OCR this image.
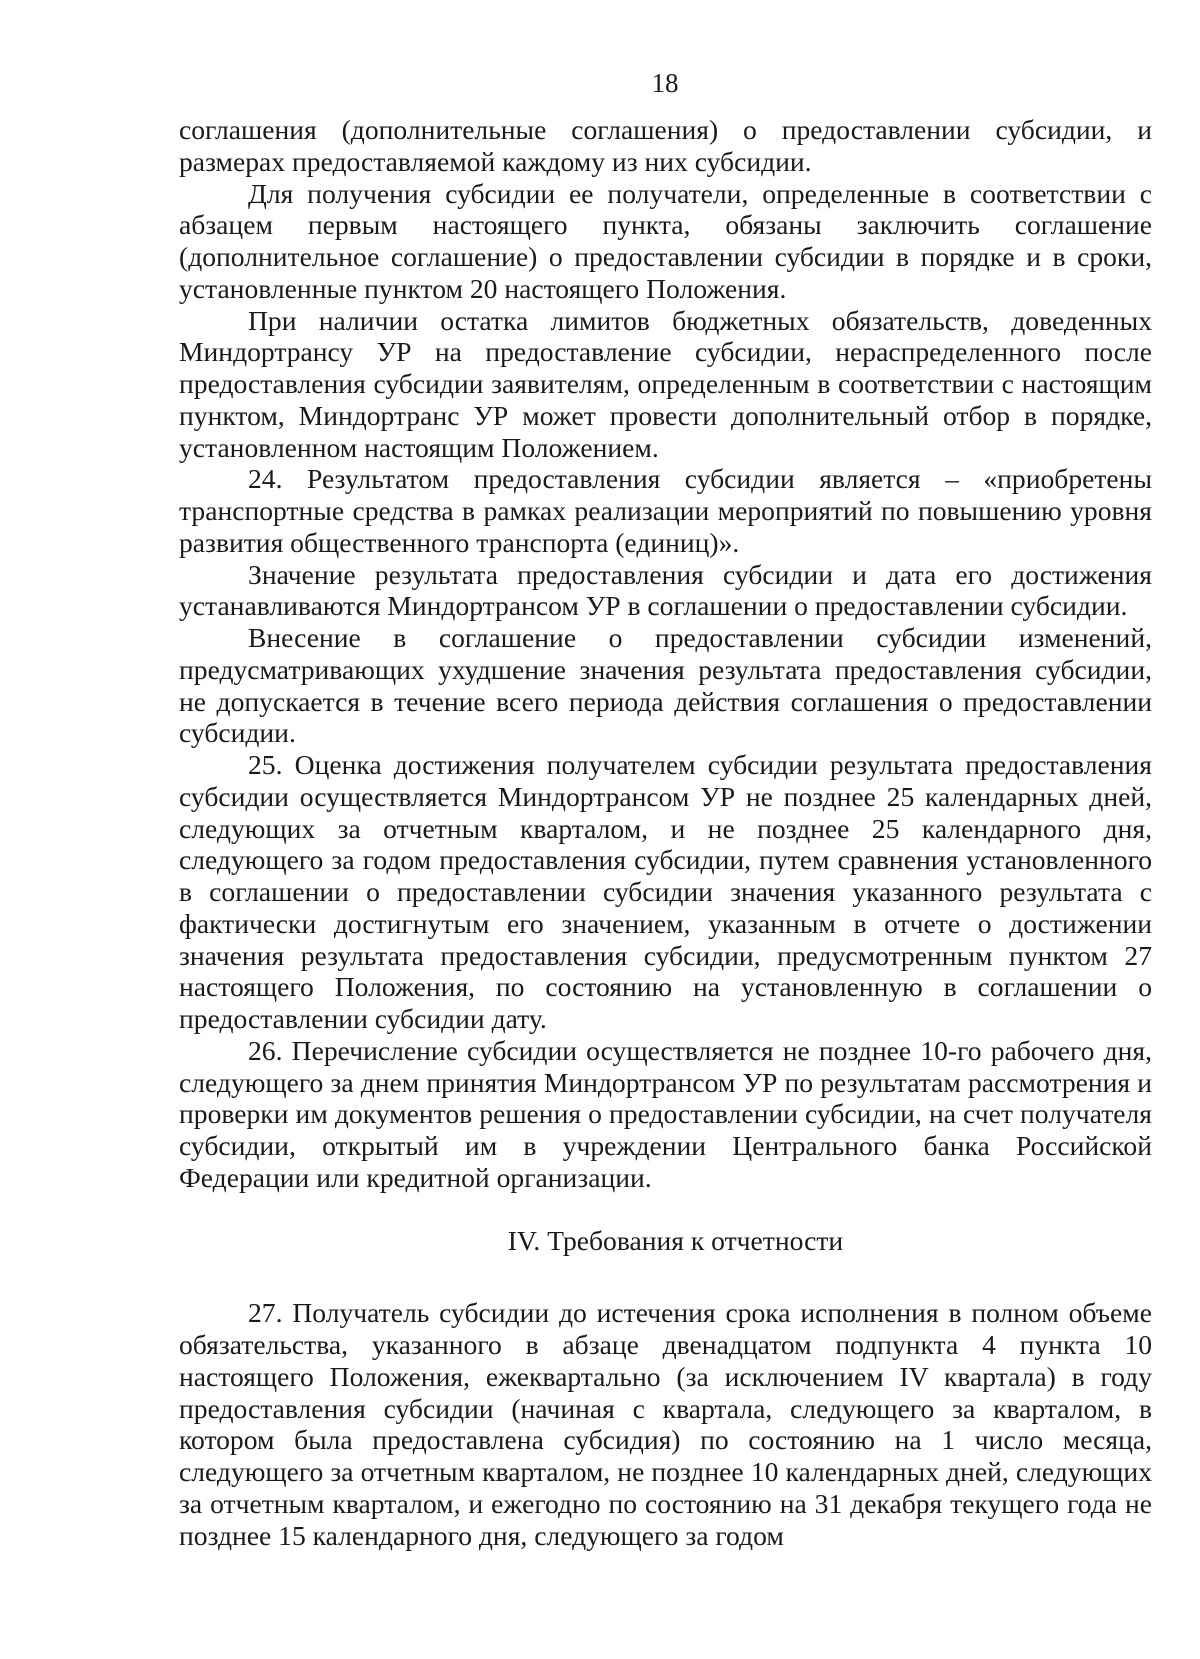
18

соглашения (дополнительные соглашения) о предоставлении субсидии, и размерах предоставляемой каждому из них субсидии.

Для получения субсидии ее получатели, определенные в соответствии с абзацем первым настоящего пункта, обязаны заключить соглашение (дополнительное соглашение) о предоставлении субсидии в порядке и в сроки, установленные пунктом 20 настоящего Положения.

При наличии остатка лимитов бюджетных обязательств, доведенных Миндортрансу УР на предоставление субсидии, нераспределенного после предоставления субсидии заявителям, определенным в соответствии с настоящим пунктом, Миндортранс УР может провести дополнительный отбор в порядке, установленном настоящим Положением.

24. Результатом предоставления субсидии является – «приобретены транспортные средства в рамках реализации мероприятий по повышению уровня развития общественного транспорта (единиц)».

Значение результата предоставления субсидии и дата его достижения устанавливаются Миндортрансом УР в соглашении о предоставлении субсидии.

Внесение в соглашение о предоставлении субсидии изменений, предусматривающих ухудшение значения результата предоставления субсидии, не допускается в течение всего периода действия соглашения о предоставлении субсидии.

25. Оценка достижения получателем субсидии результата предоставления субсидии осуществляется Миндортрансом УР не позднее 25 календарных дней, следующих за отчетным кварталом, и не позднее 25 календарного дня, следующего за годом предоставления субсидии, путем сравнения установленного в соглашении о предоставлении субсидии значения указанного результата с фактически достигнутым его значением, указанным в отчете о достижении значения результата предоставления субсидии, предусмотренным пунктом 27 настоящего Положения, по состоянию на установленную в соглашении о предоставлении субсидии дату.

26. Перечисление субсидии осуществляется не позднее 10-го рабочего дня, следующего за днем принятия Миндортрансом УР по результатам рассмотрения и проверки им документов решения о предоставлении субсидии, на счет получателя субсидии, открытый им в учреждении Центрального банка Российской Федерации или кредитной организации.

IV. Требования к отчетности

27. Получатель субсидии до истечения срока исполнения в полном объеме обязательства, указанного в абзаце двенадцатом подпункта 4 пункта 10 настоящего Положения, ежеквартально (за исключением IV квартала) в году предоставления субсидии (начиная с квартала, следующего за кварталом, в котором была предоставлена субсидия) по состоянию на 1 число месяца, следующего за отчетным кварталом, не позднее 10 календарных дней, следующих за отчетным кварталом, и ежегодно по состоянию на 31 декабря текущего года не позднее 15 календарного дня, следующего за годом
